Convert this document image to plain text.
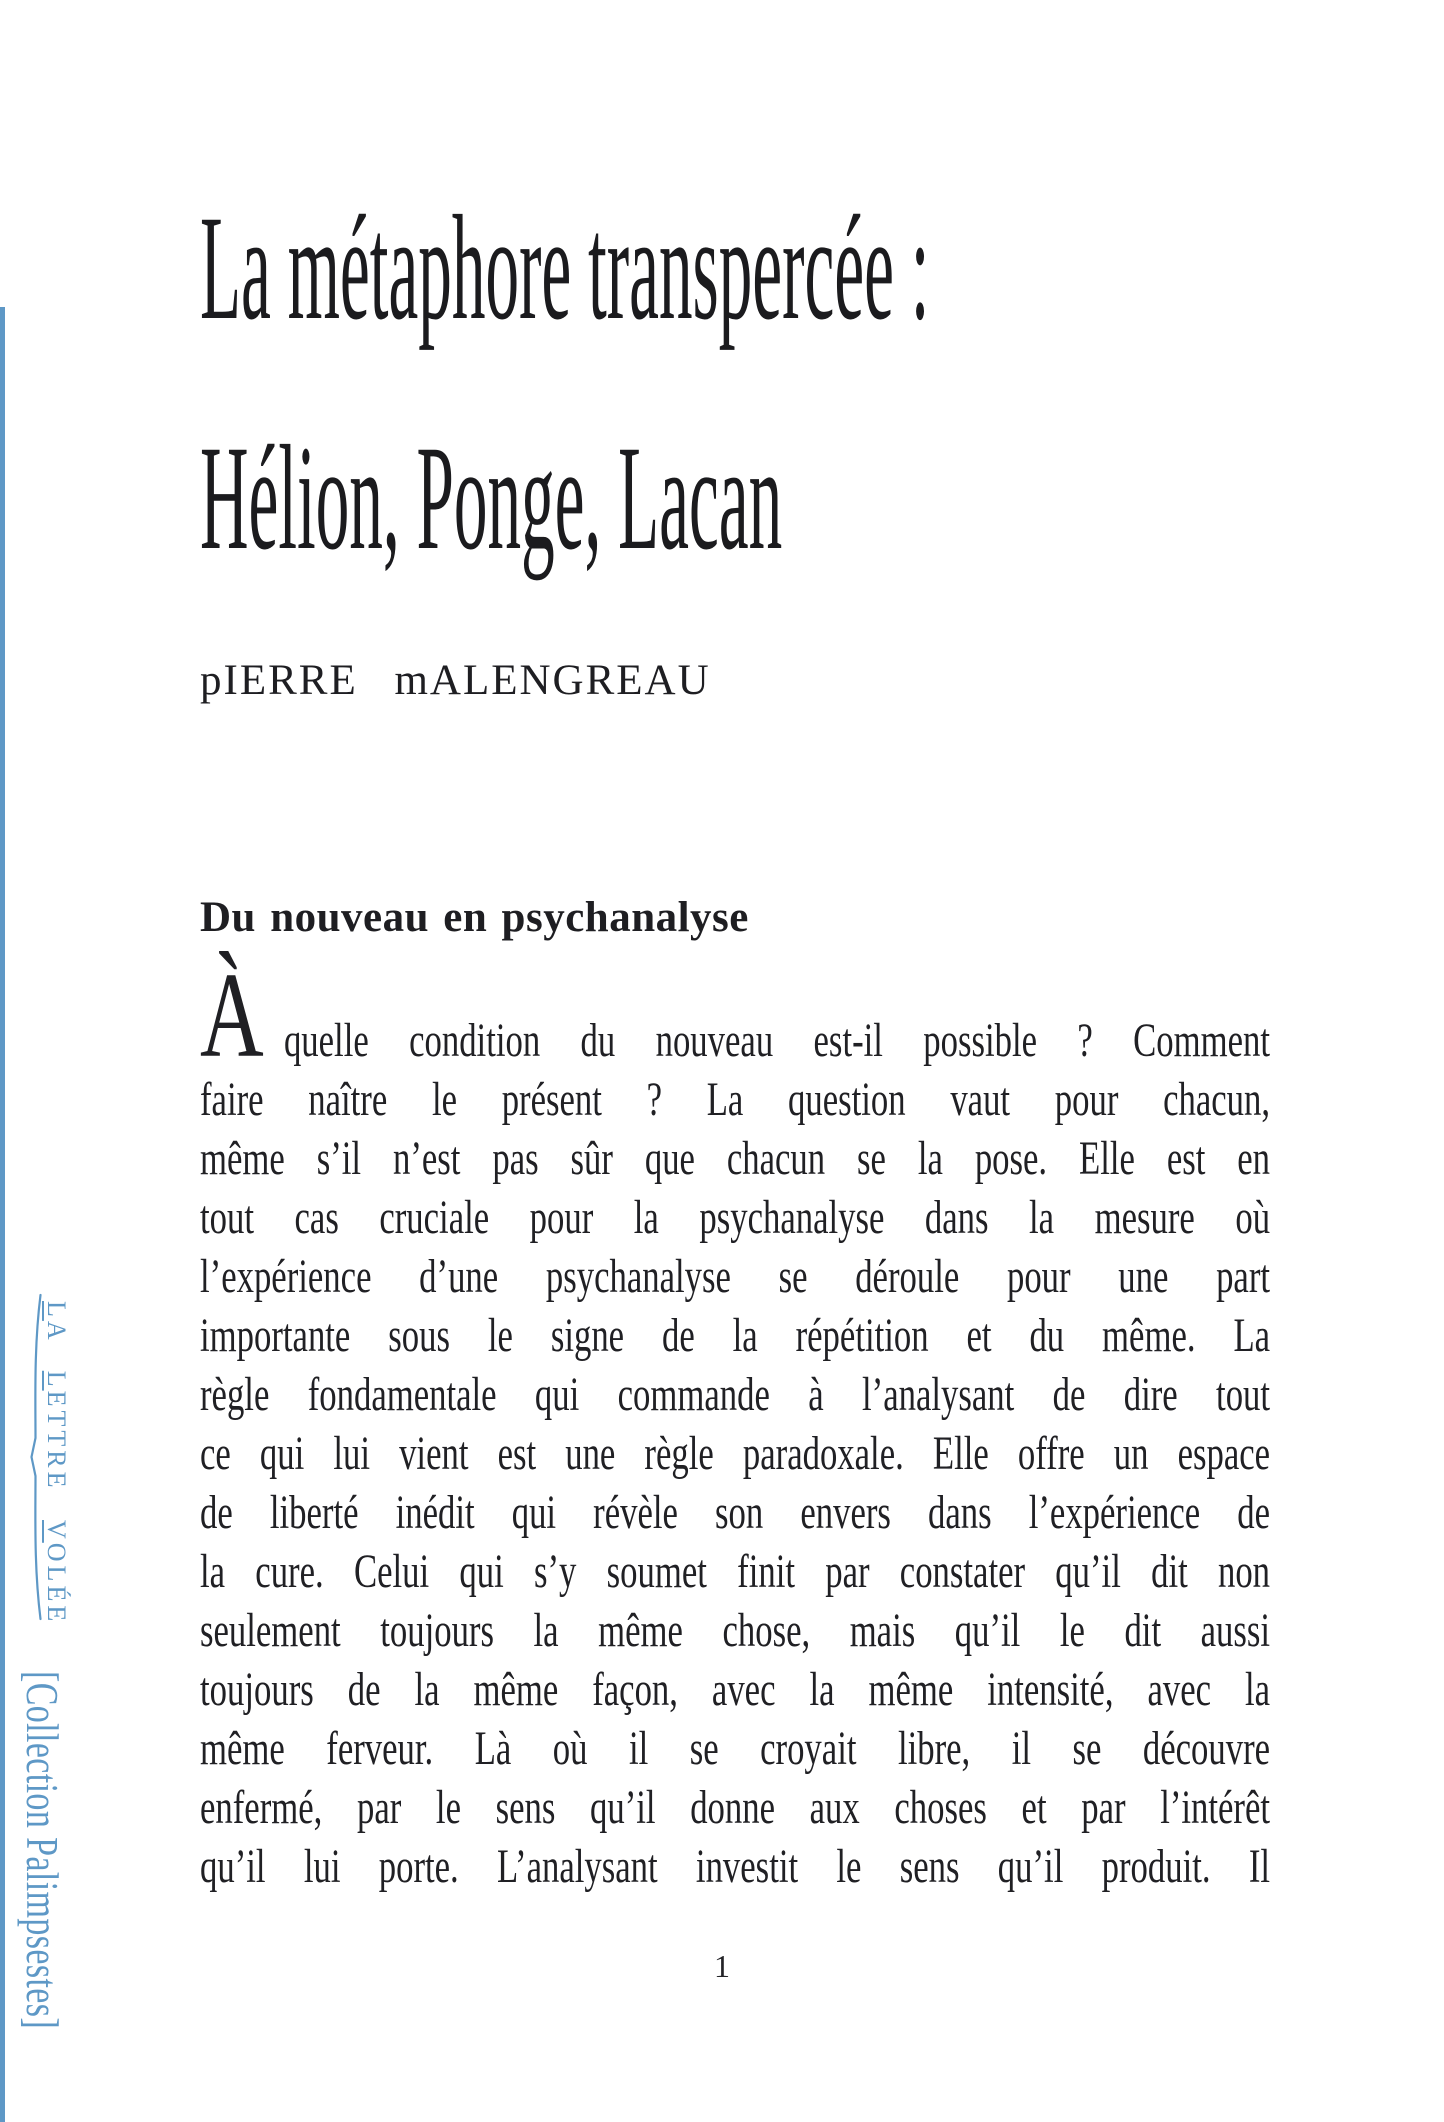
LA LETTRE VOLÉE
[Collection Palimpsestes]
La métaphore transpercée :
Hélion, Ponge, Lacan
pIERRE mALENGREAU
Du nouveau en psychanalyse
Àquelle condition du nouveau est-il possible ? Comment
faire naître le présent ? La question vaut pour chacun,
même s’il n’est pas sûr que chacun se la pose. Elle est en
tout cas cruciale pour la psychanalyse dans la mesure où
l’expérience d’une psychanalyse se déroule pour une part
importante sous le signe de la répétition et du même. La
règle fondamentale qui commande à l’analysant de dire tout
ce qui lui vient est une règle paradoxale. Elle offre un espace
de liberté inédit qui révèle son envers dans l’expérience de
la cure. Celui qui s’y soumet finit par constater qu’il dit non
seulement toujours la même chose, mais qu’il le dit aussi
toujours de la même façon, avec la même intensité, avec la
même ferveur. Là où il se croyait libre, il se découvre
enfermé, par le sens qu’il donne aux choses et par l’intérêt
qu’il lui porte. L’analysant investit le sens qu’il produit. Il
1
